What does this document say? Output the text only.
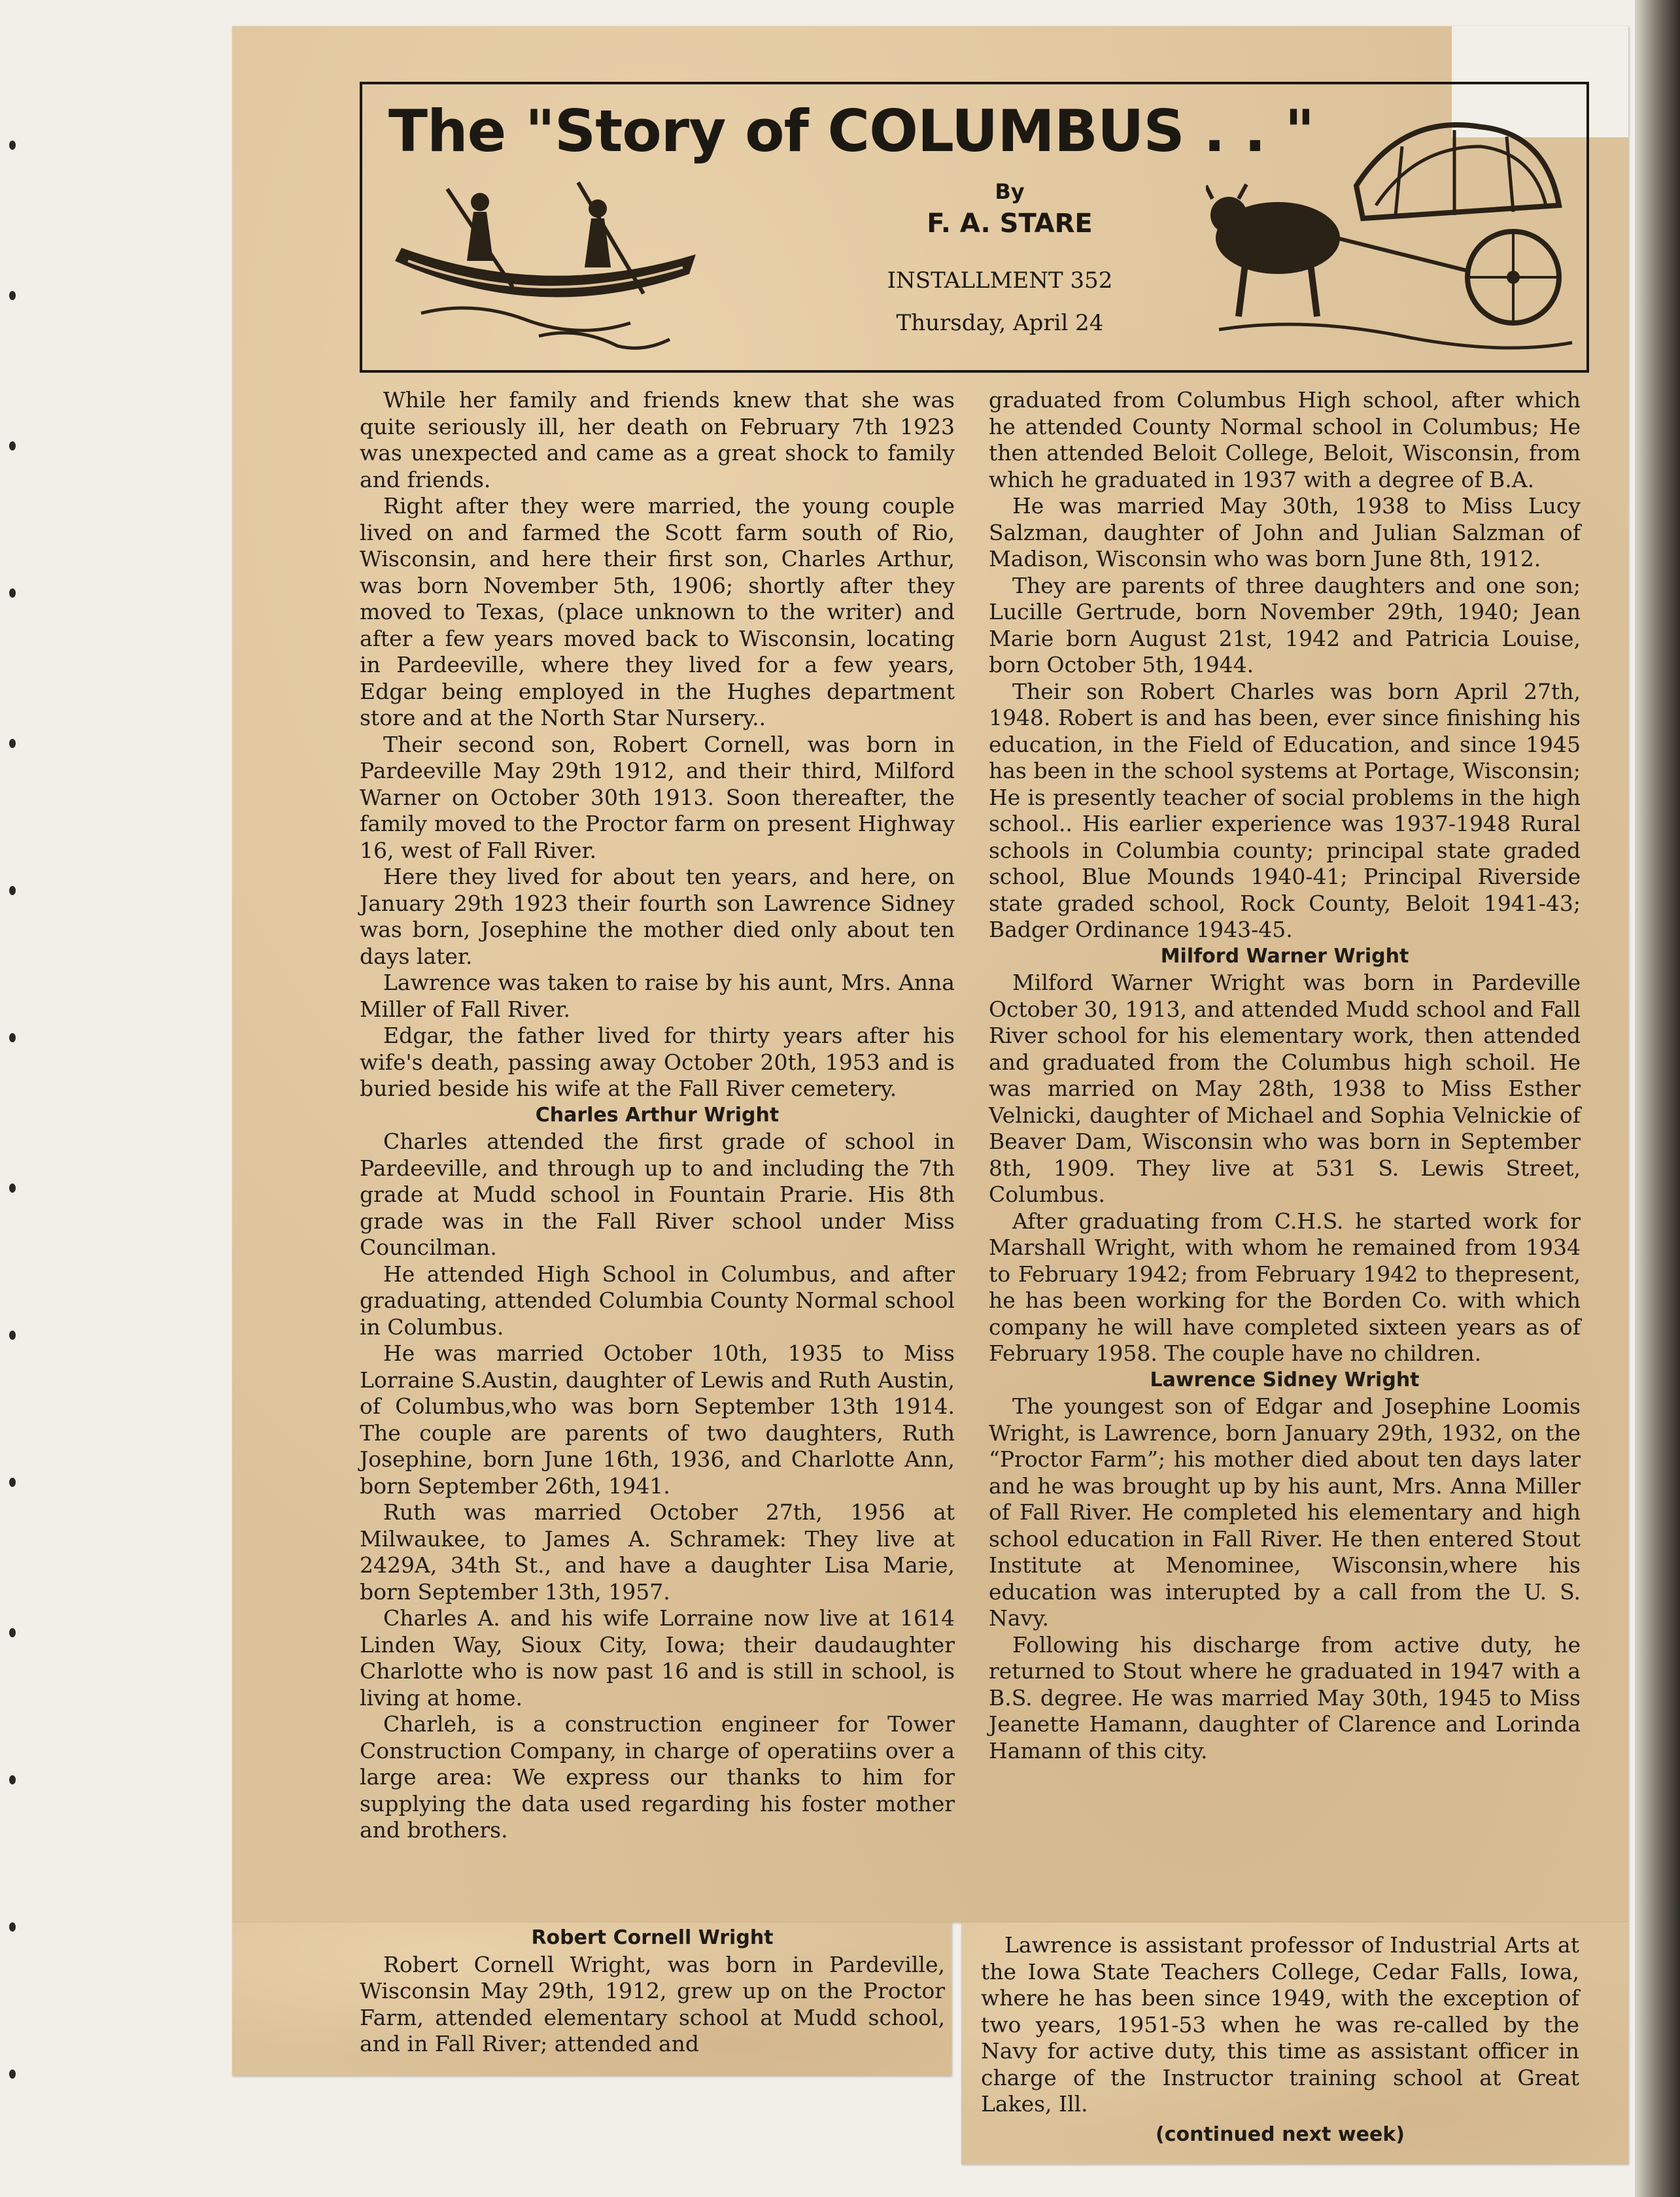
The "Story of COLUMBUS . . "
By
F. A. STARE
INSTALLMENT 352
Thursday, April 24

While her family and friends knew that she was quite seriously ill, her death on February 7th 1923 was unexpected and came as a great shock to family and friends.

Right after they were married, the young couple lived on and farmed the Scott farm south of Rio, Wisconsin, and here their first son, Charles Arthur, was born November 5th, 1906; shortly after they moved to Texas, (place unknown to the writer) and after a few years moved back to Wisconsin, locating in Pardeeville, where they lived for a few years, Edgar being employed in the Hughes department store and at the North Star Nursery..

Their second son, Robert Cornell, was born in Pardeeville May 29th 1912, and their third, Milford Warner on October 30th 1913. Soon thereafter, the family moved to the Proctor farm on present Highway 16, west of Fall River.

Here they lived for about ten years, and here, on January 29th 1923 their fourth son Lawrence Sidney was born, Josephine the mother died only about ten days later.

Lawrence was taken to raise by his aunt, Mrs. Anna Miller of Fall River.

Edgar, the father lived for thirty years after his wife's death, passing away October 20th, 1953 and is buried beside his wife at the Fall River cemetery.

Charles Arthur Wright

Charles attended the first grade of school in Pardeeville, and through up to and including the 7th grade at Mudd school in Fountain Prarie. His 8th grade was in the Fall River school under Miss Councilman.

He attended High School in Columbus, and after graduating, attended Columbia County Normal school in Columbus.

He was married October 10th, 1935 to Miss Lorraine S.Austin, daughter of Lewis and Ruth Austin, of Columbus,who was born September 13th 1914. The couple are parents of two daughters, Ruth Josephine, born June 16th, 1936, and Charlotte Ann, born September 26th, 1941.

Ruth was married October 27th, 1956 at Milwaukee, to James A. Schramek: They live at 2429A, 34th St., and have a daughter Lisa Marie, born September 13th, 1957.

Charles A. and his wife Lorraine now live at 1614 Linden Way, Sioux City, Iowa; their daudaughter Charlotte who is now past 16 and is still in school, is living at home.

Charleh, is a construction engineer for Tower Construction Company, in charge of operatiins over a large area: We express our thanks to him for supplying the data used regarding his foster mother and brothers.

Robert Cornell Wright

Robert Cornell Wright, was born in Pardeville, Wisconsin May 29th, 1912, grew up on the Proctor Farm, attended elementary school at Mudd school, and in Fall River; attended and

graduated from Columbus High school, after which he attended County Normal school in Columbus; He then attended Beloit College, Beloit, Wisconsin, from which he graduated in 1937 with a degree of B.A.

He was married May 30th, 1938 to Miss Lucy Salzman, daughter of John and Julian Salzman of Madison, Wisconsin who was born June 8th, 1912.

They are parents of three daughters and one son; Lucille Gertrude, born November 29th, 1940; Jean Marie born August 21st, 1942 and Patricia Louise, born October 5th, 1944.

Their son Robert Charles was born April 27th, 1948. Robert is and has been, ever since finishing his education, in the Field of Education, and since 1945 has been in the school systems at Portage, Wisconsin; He is presently teacher of social problems in the high school.. His earlier experience was 1937-1948 Rural schools in Columbia county; principal state graded school, Blue Mounds 1940-41; Principal Riverside state graded school, Rock County, Beloit 1941-43; Badger Ordinance 1943-45.

Milford Warner Wright

Milford Warner Wright was born in Pardeville October 30, 1913, and attended Mudd school and Fall River school for his elementary work, then attended and graduated from the Columbus high schoil. He was married on May 28th, 1938 to Miss Esther Velnicki, daughter of Michael and Sophia Velnickie of Beaver Dam, Wisconsin who was born in September 8th, 1909. They live at 531 S. Lewis Street, Columbus.

After graduating from C.H.S. he started work for Marshall Wright, with whom he remained from 1934 to February 1942; from February 1942 to thepresent, he has been working for the Borden Co. with which company he will have completed sixteen years as of February 1958. The couple have no children.

Lawrence Sidney Wright

The youngest son of Edgar and Josephine Loomis Wright, is Lawrence, born January 29th, 1932, on the “Proctor Farm”; his mother died about ten days later and he was brought up by his aunt, Mrs. Anna Miller of Fall River. He completed his elementary and high school education in Fall River. He then entered Stout Institute at Menominee, Wisconsin,where his education was interupted by a call from the U. S. Navy.

Following his discharge from active duty, he returned to Stout where he graduated in 1947 with a B.S. degree. He was married May 30th, 1945 to Miss Jeanette Hamann, daughter of Clarence and Lorinda Hamann of this city.

Lawrence is assistant professor of Industrial Arts at the Iowa State Teachers College, Cedar Falls, Iowa, where he has been since 1949, with the exception of two years, 1951-53 when he was re-called by the Navy for active duty, this time as assistant officer in charge of the Instructor training school at Great Lakes, Ill.

(continued next week)
